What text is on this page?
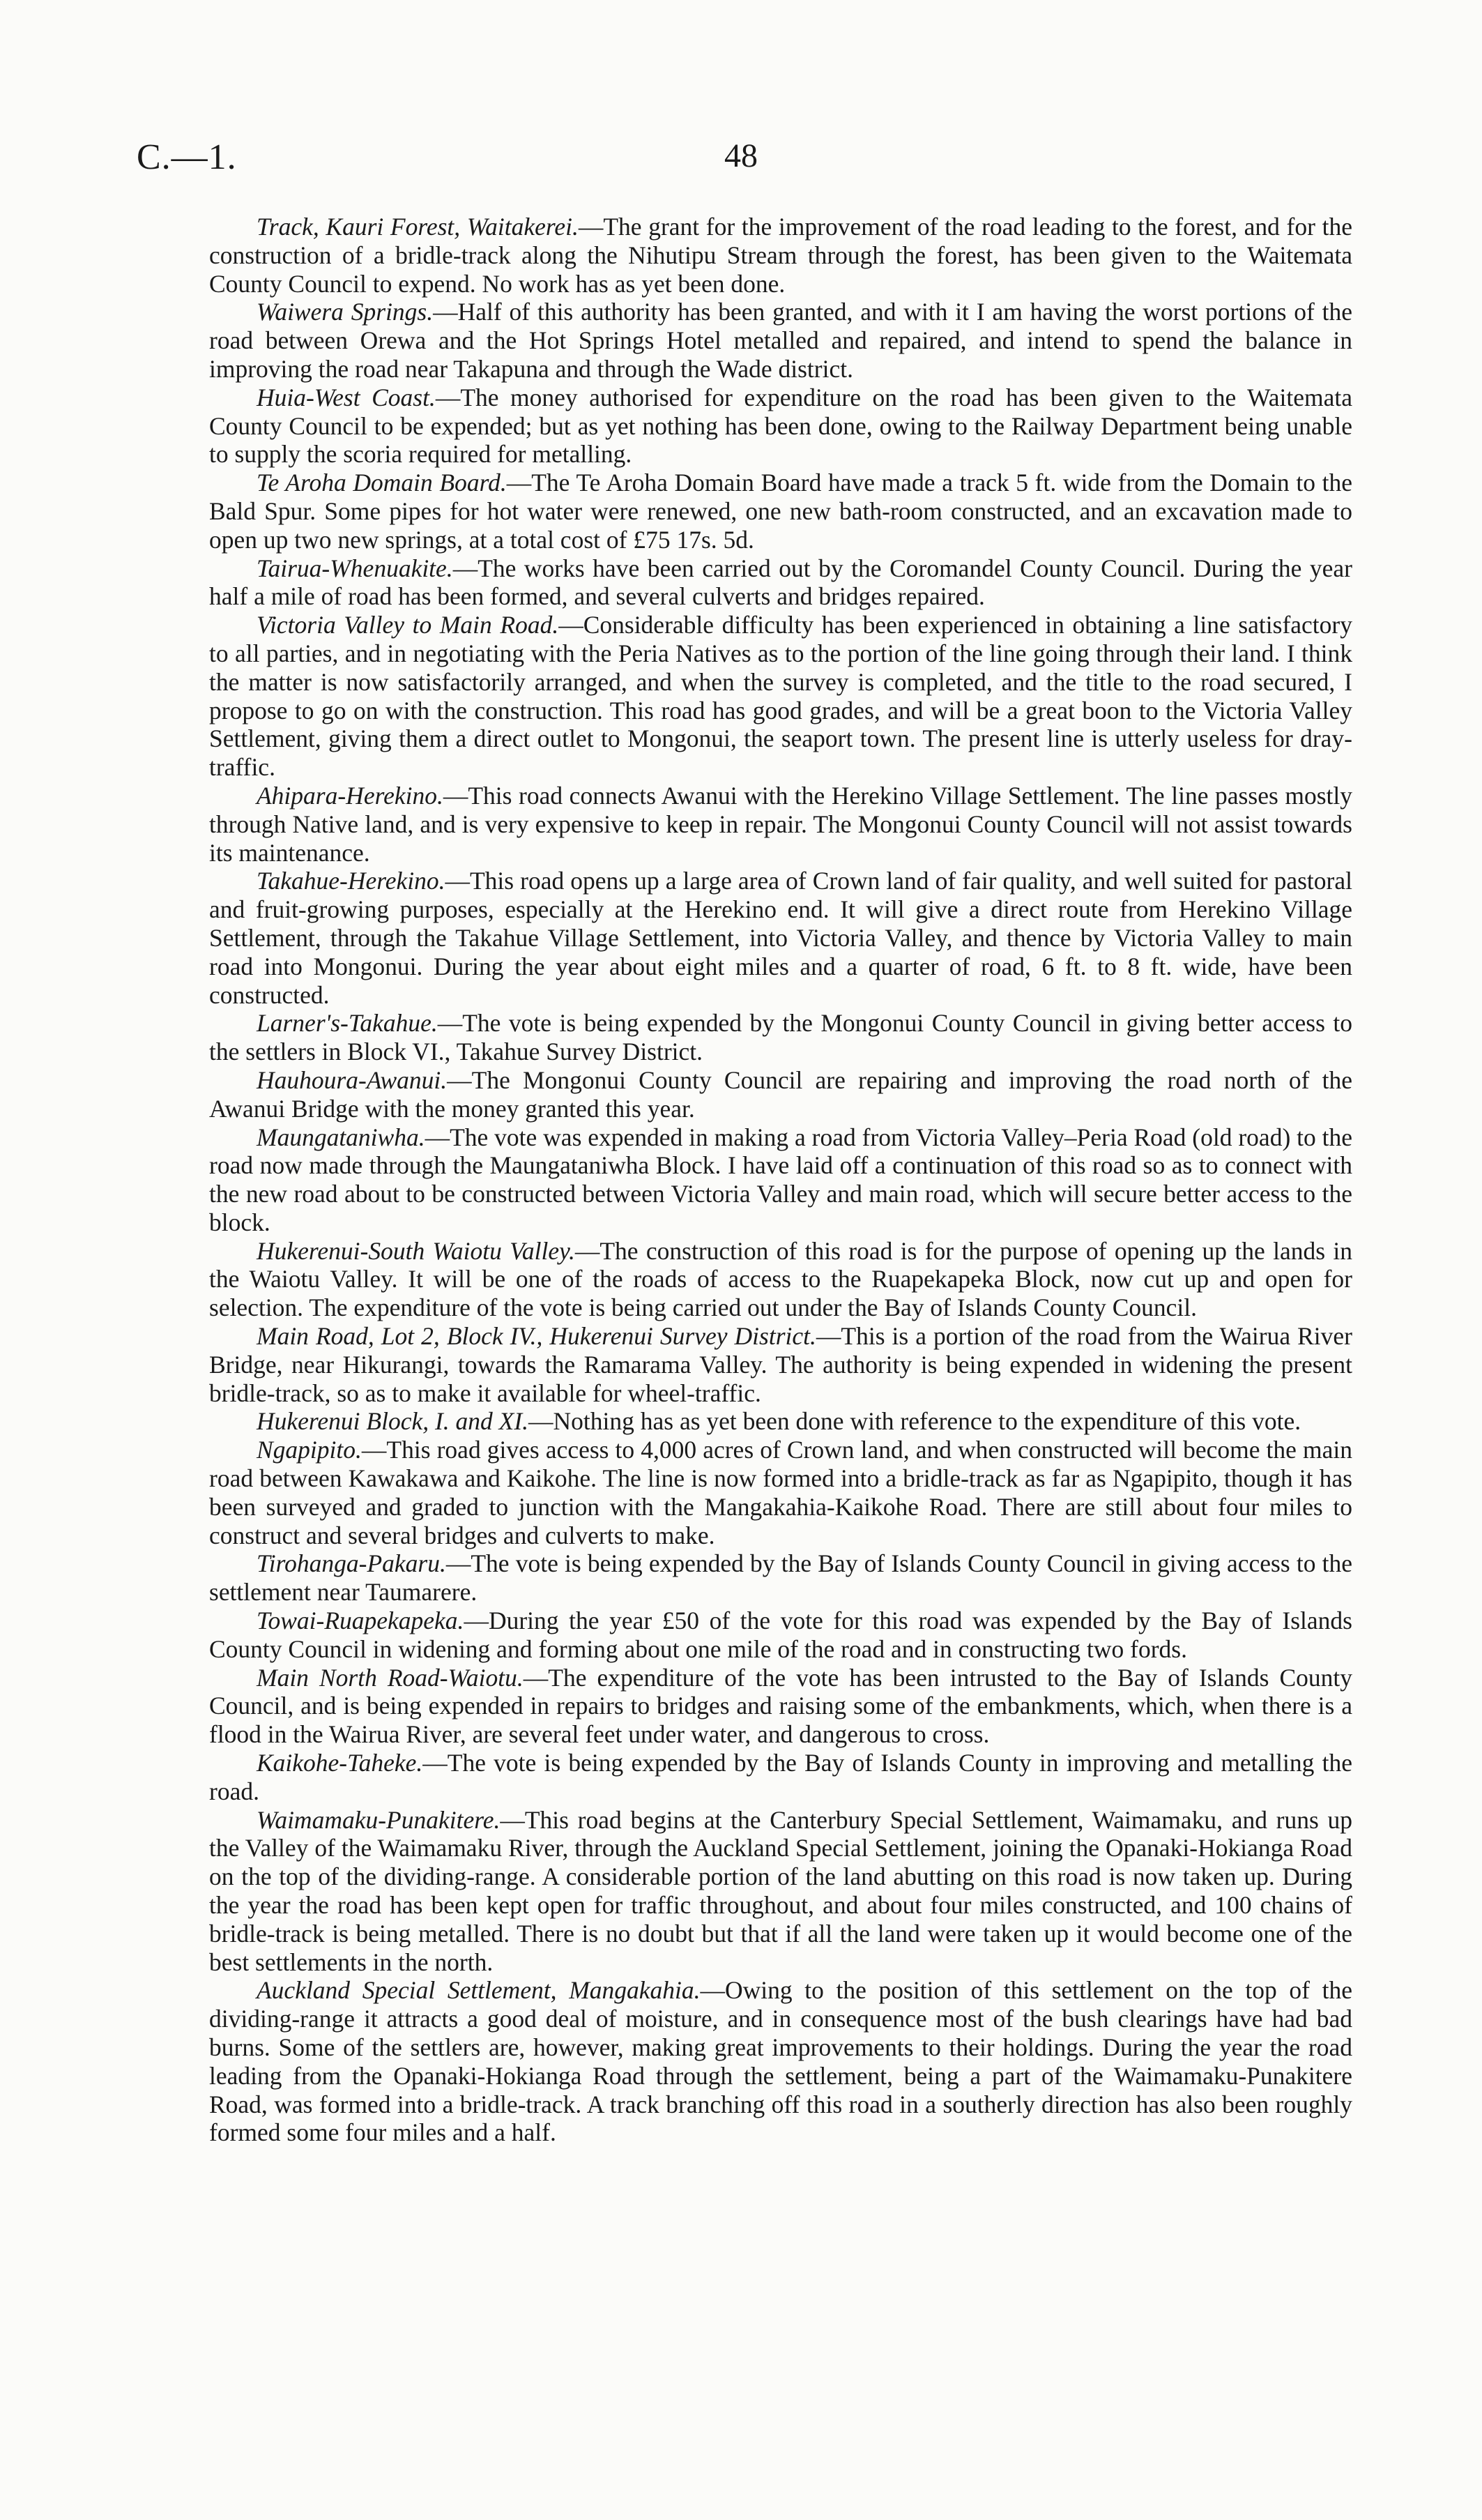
C.—1.	48

Track, Kauri Forest, Waitakerei.—The grant for the improvement of the road leading to the forest, and for the construction of a bridle-track along the Nihutipu Stream through the forest, has been given to the Waitemata County Council to expend. No work has as yet been done.

Waiwera Springs.—Half of this authority has been granted, and with it I am having the worst portions of the road between Orewa and the Hot Springs Hotel metalled and repaired, and intend to spend the balance in improving the road near Takapuna and through the Wade district.

Huia-West Coast.—The money authorised for expenditure on the road has been given to the Waitemata County Council to be expended; but as yet nothing has been done, owing to the Railway Department being unable to supply the scoria required for metalling.

Te Aroha Domain Board.—The Te Aroha Domain Board have made a track 5 ft. wide from the Domain to the Bald Spur. Some pipes for hot water were renewed, one new bath-room constructed, and an excavation made to open up two new springs, at a total cost of £75 17s. 5d.

Tairua-Whenuakite.—The works have been carried out by the Coromandel County Council. During the year half a mile of road has been formed, and several culverts and bridges repaired.

Victoria Valley to Main Road.—Considerable difficulty has been experienced in obtaining a line satisfactory to all parties, and in negotiating with the Peria Natives as to the portion of the line going through their land. I think the matter is now satisfactorily arranged, and when the survey is completed, and the title to the road secured, I propose to go on with the construction. This road has good grades, and will be a great boon to the Victoria Valley Settlement, giving them a direct outlet to Mongonui, the seaport town. The present line is utterly useless for dray-traffic.

Ahipara-Herekino.—This road connects Awanui with the Herekino Village Settlement. The line passes mostly through Native land, and is very expensive to keep in repair. The Mongonui County Council will not assist towards its maintenance.

Takahue-Herekino.—This road opens up a large area of Crown land of fair quality, and well suited for pastoral and fruit-growing purposes, especially at the Herekino end. It will give a direct route from Herekino Village Settlement, through the Takahue Village Settlement, into Victoria Valley, and thence by Victoria Valley to main road into Mongonui. During the year about eight miles and a quarter of road, 6 ft. to 8 ft. wide, have been constructed.

Larner's-Takahue.—The vote is being expended by the Mongonui County Council in giving better access to the settlers in Block VI., Takahue Survey District.

Hauhoura-Awanui.—The Mongonui County Council are repairing and improving the road north of the Awanui Bridge with the money granted this year.

Maungataniwha.—The vote was expended in making a road from Victoria Valley–Peria Road (old road) to the road now made through the Maungataniwha Block. I have laid off a continuation of this road so as to connect with the new road about to be constructed between Victoria Valley and main road, which will secure better access to the block.

Hukerenui-South Waiotu Valley.—The construction of this road is for the purpose of opening up the lands in the Waiotu Valley. It will be one of the roads of access to the Ruapekapeka Block, now cut up and open for selection. The expenditure of the vote is being carried out under the Bay of Islands County Council.

Main Road, Lot 2, Block IV., Hukerenui Survey District.—This is a portion of the road from the Wairua River Bridge, near Hikurangi, towards the Ramarama Valley. The authority is being expended in widening the present bridle-track, so as to make it available for wheel-traffic.

Hukerenui Block, I. and XI.—Nothing has as yet been done with reference to the expenditure of this vote.

Ngapipito.—This road gives access to 4,000 acres of Crown land, and when constructed will become the main road between Kawakawa and Kaikohe. The line is now formed into a bridle-track as far as Ngapipito, though it has been surveyed and graded to junction with the Mangakahia-Kaikohe Road. There are still about four miles to construct and several bridges and culverts to make.

Tirohanga-Pakaru.—The vote is being expended by the Bay of Islands County Council in giving access to the settlement near Taumarere.

Towai-Ruapekapeka.—During the year £50 of the vote for this road was expended by the Bay of Islands County Council in widening and forming about one mile of the road and in constructing two fords.

Main North Road-Waiotu.—The expenditure of the vote has been intrusted to the Bay of Islands County Council, and is being expended in repairs to bridges and raising some of the embankments, which, when there is a flood in the Wairua River, are several feet under water, and dangerous to cross.

Kaikohe-Taheke.—The vote is being expended by the Bay of Islands County in improving and metalling the road.

Waimamaku-Punakitere.—This road begins at the Canterbury Special Settlement, Waimamaku, and runs up the Valley of the Waimamaku River, through the Auckland Special Settlement, joining the Opanaki-Hokianga Road on the top of the dividing-range. A considerable portion of the land abutting on this road is now taken up. During the year the road has been kept open for traffic throughout, and about four miles constructed, and 100 chains of bridle-track is being metalled. There is no doubt but that if all the land were taken up it would become one of the best settlements in the north.

Auckland Special Settlement, Mangakahia.—Owing to the position of this settlement on the top of the dividing-range it attracts a good deal of moisture, and in consequence most of the bush clearings have had bad burns. Some of the settlers are, however, making great improvements to their holdings. During the year the road leading from the Opanaki-Hokianga Road through the settlement, being a part of the Waimamaku-Punakitere Road, was formed into a bridle-track. A track branching off this road in a southerly direction has also been roughly formed some four miles and a half.
